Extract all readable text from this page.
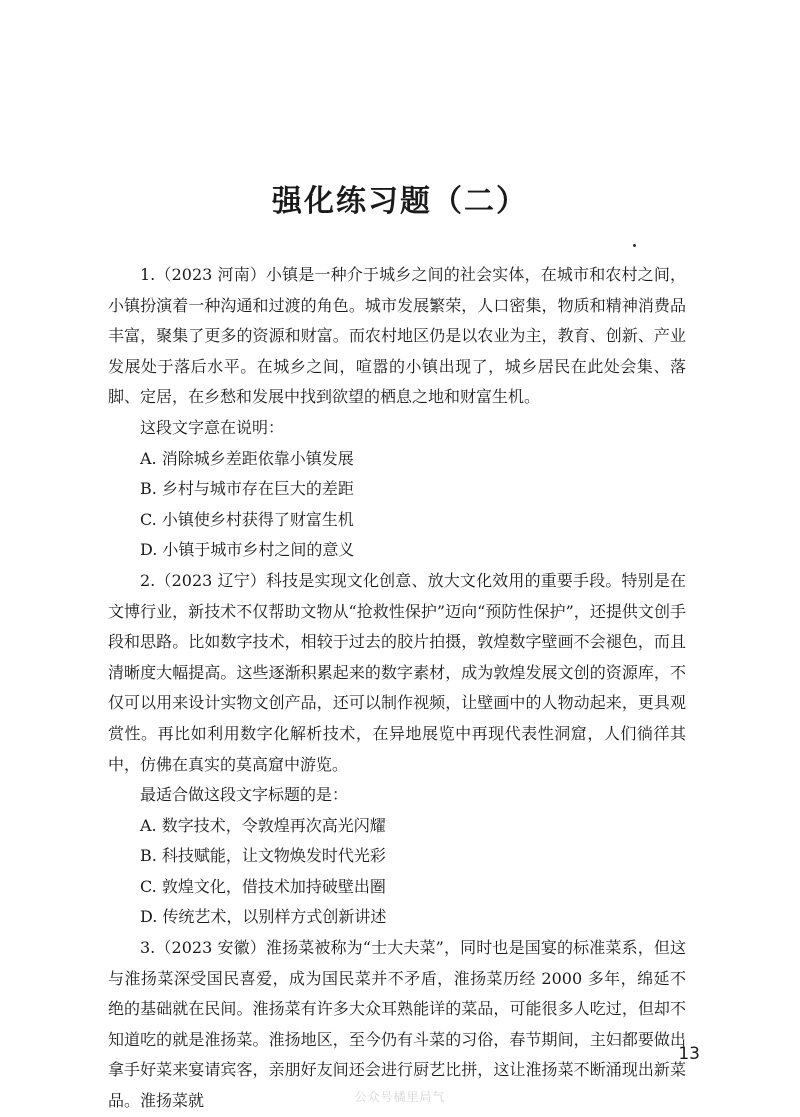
强化练习题（二）

1.（2023 河南）小镇是一种介于城乡之间的社会实体，在城市和农村之间，小镇扮演着一种沟通和过渡的角色。城市发展繁荣，人口密集，物质和精神消费品丰富，聚集了更多的资源和财富。而农村地区仍是以农业为主，教育、创新、产业发展处于落后水平。在城乡之间，喧嚣的小镇出现了，城乡居民在此处会集、落脚、定居，在乡愁和发展中找到欲望的栖息之地和财富生机。

这段文字意在说明：

A. 消除城乡差距依靠小镇发展

B. 乡村与城市存在巨大的差距

C. 小镇使乡村获得了财富生机

D. 小镇于城市乡村之间的意义

2.（2023 辽宁）科技是实现文化创意、放大文化效用的重要手段。特别是在文博行业，新技术不仅帮助文物从“抢救性保护”迈向“预防性保护”，还提供文创手段和思路。比如数字技术，相较于过去的胶片拍摄，敦煌数字壁画不会褪色，而且清晰度大幅提高。这些逐渐积累起来的数字素材，成为敦煌发展文创的资源库，不仅可以用来设计实物文创产品，还可以制作视频，让壁画中的人物动起来，更具观赏性。再比如利用数字化解析技术，在异地展览中再现代表性洞窟，人们徜徉其中，仿佛在真实的莫高窟中游览。

最适合做这段文字标题的是：

A. 数字技术，令敦煌再次高光闪耀

B. 科技赋能，让文物焕发时代光彩

C. 敦煌文化，借技术加持破壁出圈

D. 传统艺术，以别样方式创新讲述

3.（2023 安徽）淮扬菜被称为“士大夫菜”，同时也是国宴的标准菜系，但这与淮扬菜深受国民喜爱，成为国民菜并不矛盾，淮扬菜历经 2000 多年，绵延不绝的基础就在民间。淮扬菜有许多大众耳熟能详的菜品，可能很多人吃过，但却不知道吃的就是淮扬菜。淮扬地区，至今仍有斗菜的习俗，春节期间，主妇都要做出拿手好菜来宴请宾客，亲朋好友间还会进行厨艺比拼，这让淮扬菜不断涌现出新菜品。淮扬菜就

13
公众号橘里局气
